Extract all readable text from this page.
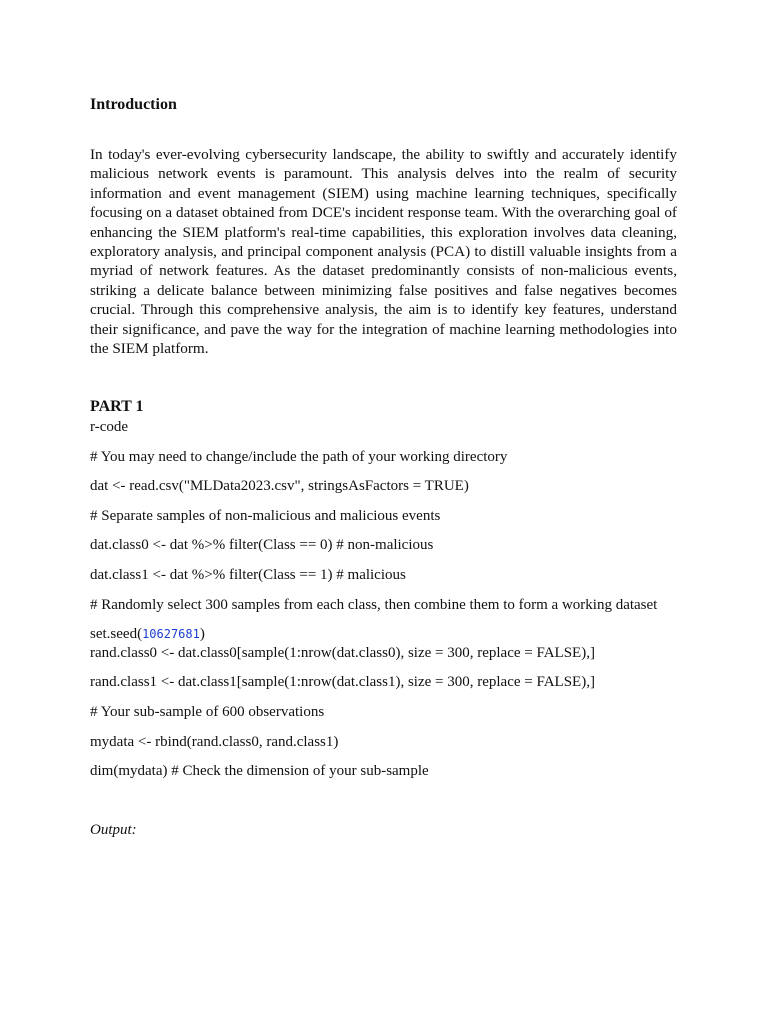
Introduction

In today's ever-evolving cybersecurity landscape, the ability to swiftly and accurately identify malicious network events is paramount. This analysis delves into the realm of security information and event management (SIEM) using machine learning techniques, specifically focusing on a dataset obtained from DCE's incident response team. With the overarching goal of enhancing the SIEM platform's real-time capabilities, this exploration involves data cleaning, exploratory analysis, and principal component analysis (PCA) to distill valuable insights from a myriad of network features. As the dataset predominantly consists of non-malicious events, striking a delicate balance between minimizing false positives and false negatives becomes crucial. Through this comprehensive analysis, the aim is to identify key features, understand their significance, and pave the way for the integration of machine learning methodologies into the SIEM platform.

PART 1
r-code
# You may need to change/include the path of your working directory
dat <- read.csv("MLData2023.csv", stringsAsFactors = TRUE)
# Separate samples of non-malicious and malicious events
dat.class0 <- dat %>% filter(Class == 0) # non-malicious
dat.class1 <- dat %>% filter(Class == 1) # malicious
# Randomly select 300 samples from each class, then combine them to form a working dataset
set.seed(10627681)
rand.class0 <- dat.class0[sample(1:nrow(dat.class0), size = 300, replace = FALSE),]
rand.class1 <- dat.class1[sample(1:nrow(dat.class1), size = 300, replace = FALSE),]
# Your sub-sample of 600 observations
mydata <- rbind(rand.class0, rand.class1)
dim(mydata) # Check the dimension of your sub-sample
Output:
